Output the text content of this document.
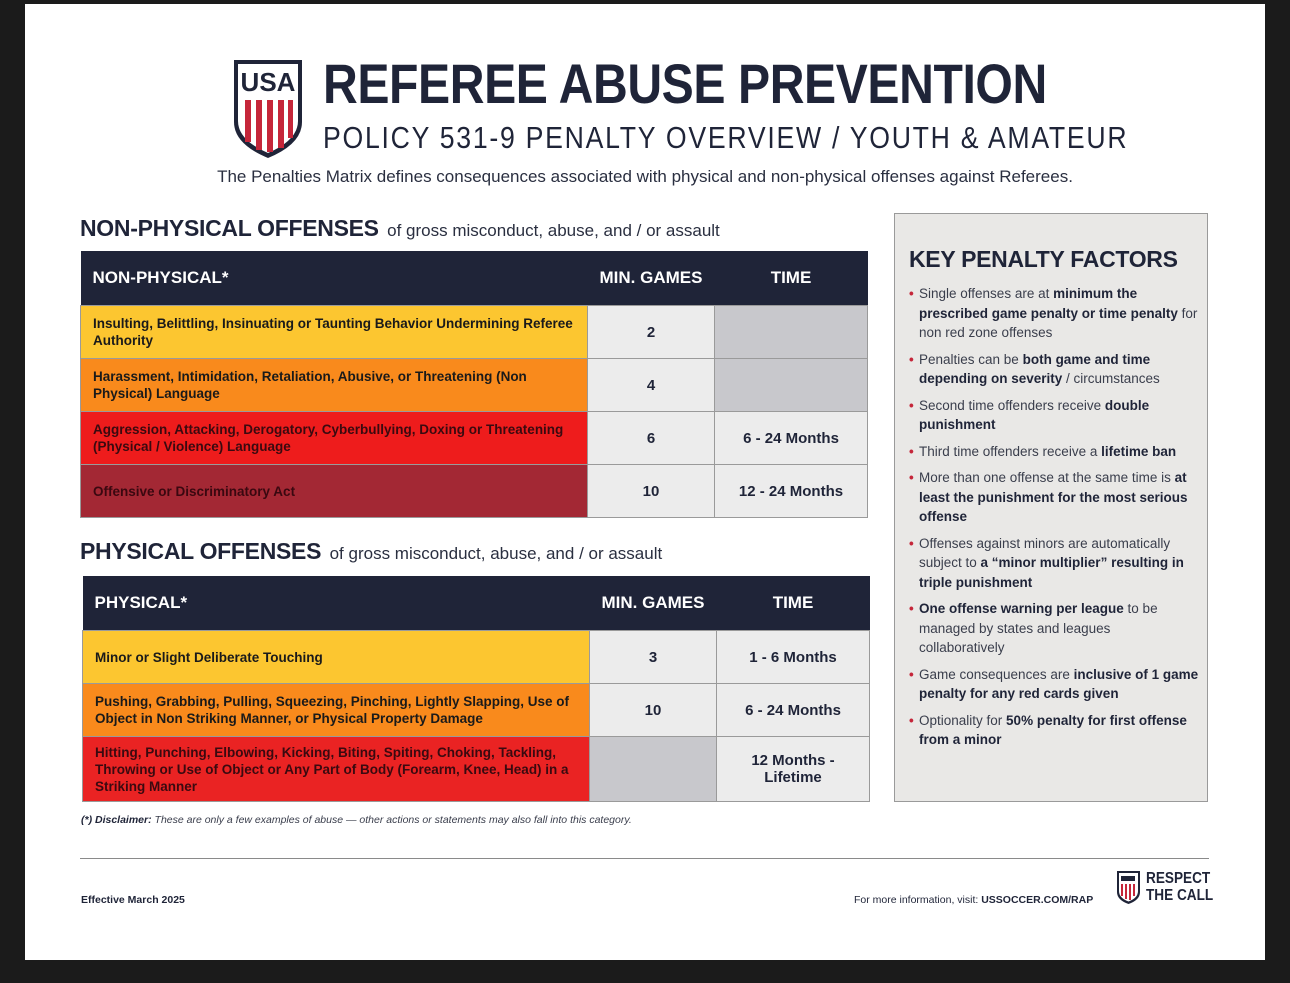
USA REFEREE ABUSE PREVENTION
POLICY 531-9 PENALTY OVERVIEW / YOUTH & AMATEUR
The Penalties Matrix defines consequences associated with physical and non-physical offenses against Referees.
NON-PHYSICAL OFFENSES of gross misconduct, abuse, and / or assault
NON-PHYSICAL*	MIN. GAMES	TIME
Insulting, Belittling, Insinuating or Taunting Behavior Undermining Referee Authority	2	
Harassment, Intimidation, Retaliation, Abusive, or Threatening (Non Physical) Language	4	
Aggression, Attacking, Derogatory, Cyberbullying, Doxing or Threatening (Physical / Violence) Language	6	6 - 24 Months
Offensive or Discriminatory Act	10	12 - 24 Months
PHYSICAL OFFENSES of gross misconduct, abuse, and / or assault
PHYSICAL*	MIN. GAMES	TIME
Minor or Slight Deliberate Touching	3	1 - 6 Months
Pushing, Grabbing, Pulling, Squeezing, Pinching, Lightly Slapping, Use of Object in Non Striking Manner, or Physical Property Damage	10	6 - 24 Months
Hitting, Punching, Elbowing, Kicking, Biting, Spiting, Choking, Tackling, Throwing or Use of Object or Any Part of Body (Forearm, Knee, Head) in a Striking Manner		12 Months - Lifetime
KEY PENALTY FACTORS
• Single offenses are at minimum the prescribed game penalty or time penalty for non red zone offenses
• Penalties can be both game and time depending on severity / circumstances
• Second time offenders receive double punishment
• Third time offenders receive a lifetime ban
• More than one offense at the same time is at least the punishment for the most serious offense
• Offenses against minors are automatically subject to a “minor multiplier” resulting in triple punishment
• One offense warning per league to be managed by states and leagues collaboratively
• Game consequences are inclusive of 1 game penalty for any red cards given
• Optionality for 50% penalty for first offense from a minor
(*) Disclaimer: These are only a few examples of abuse — other actions or statements may also fall into this category.
Effective March 2025	For more information, visit: USSOCCER.COM/RAP
RESPECT
THE CALL
